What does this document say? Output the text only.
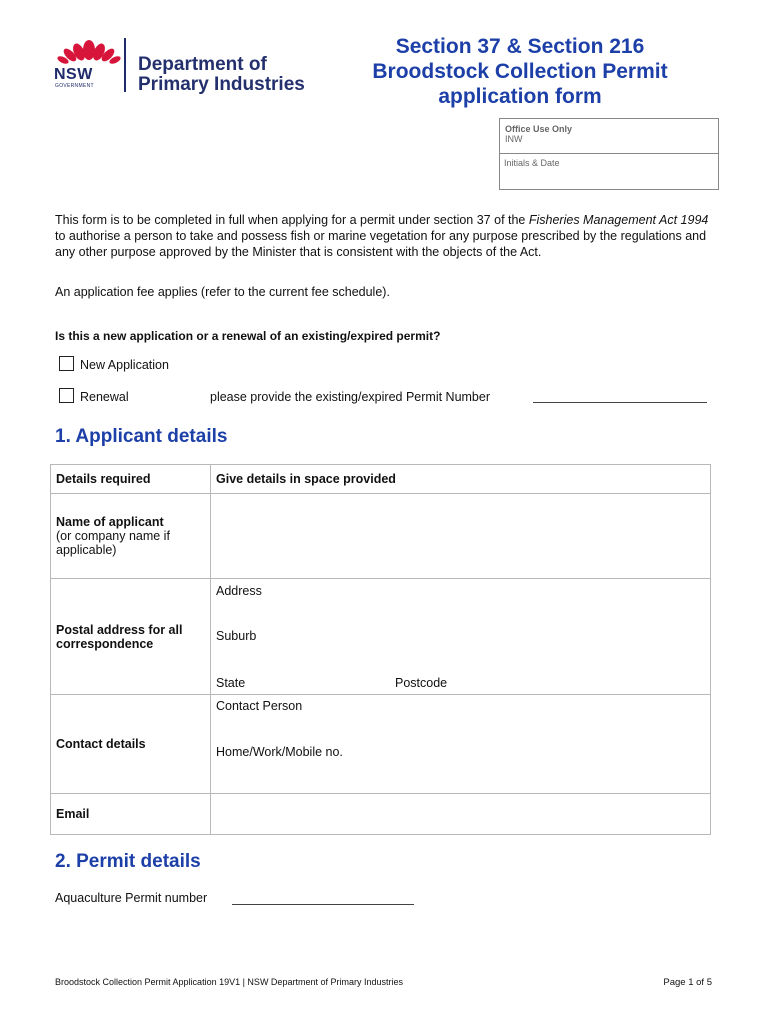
NSW
GOVERNMENT
Department of
Primary Industries
Section 37 & Section 216
Broodstock Collection Permit
application form
Office Use Only
INW
Initials & Date
This form is to be completed in full when applying for a permit under section 37 of the Fisheries Management Act 1994 to authorise a person to take and possess fish or marine vegetation for any purpose prescribed by the regulations and any other purpose approved by the Minister that is consistent with the objects of the Act.
An application fee applies (refer to the current fee schedule).
Is this a new application or a renewal of an existing/expired permit?
New Application
Renewal	please provide the existing/expired Permit Number
1. Applicant details
Details required	Give details in space provided

Name of applicant
(or company name if applicable)	

Postal address for all correspondence	Address
Suburb
State Postcode

Contact details	Contact Person
Home/Work/Mobile no.

Email	

2. Permit details
Aquaculture Permit number
Broodstock Collection Permit Application 19V1 | NSW Department of Primary Industries	Page 1 of 5
